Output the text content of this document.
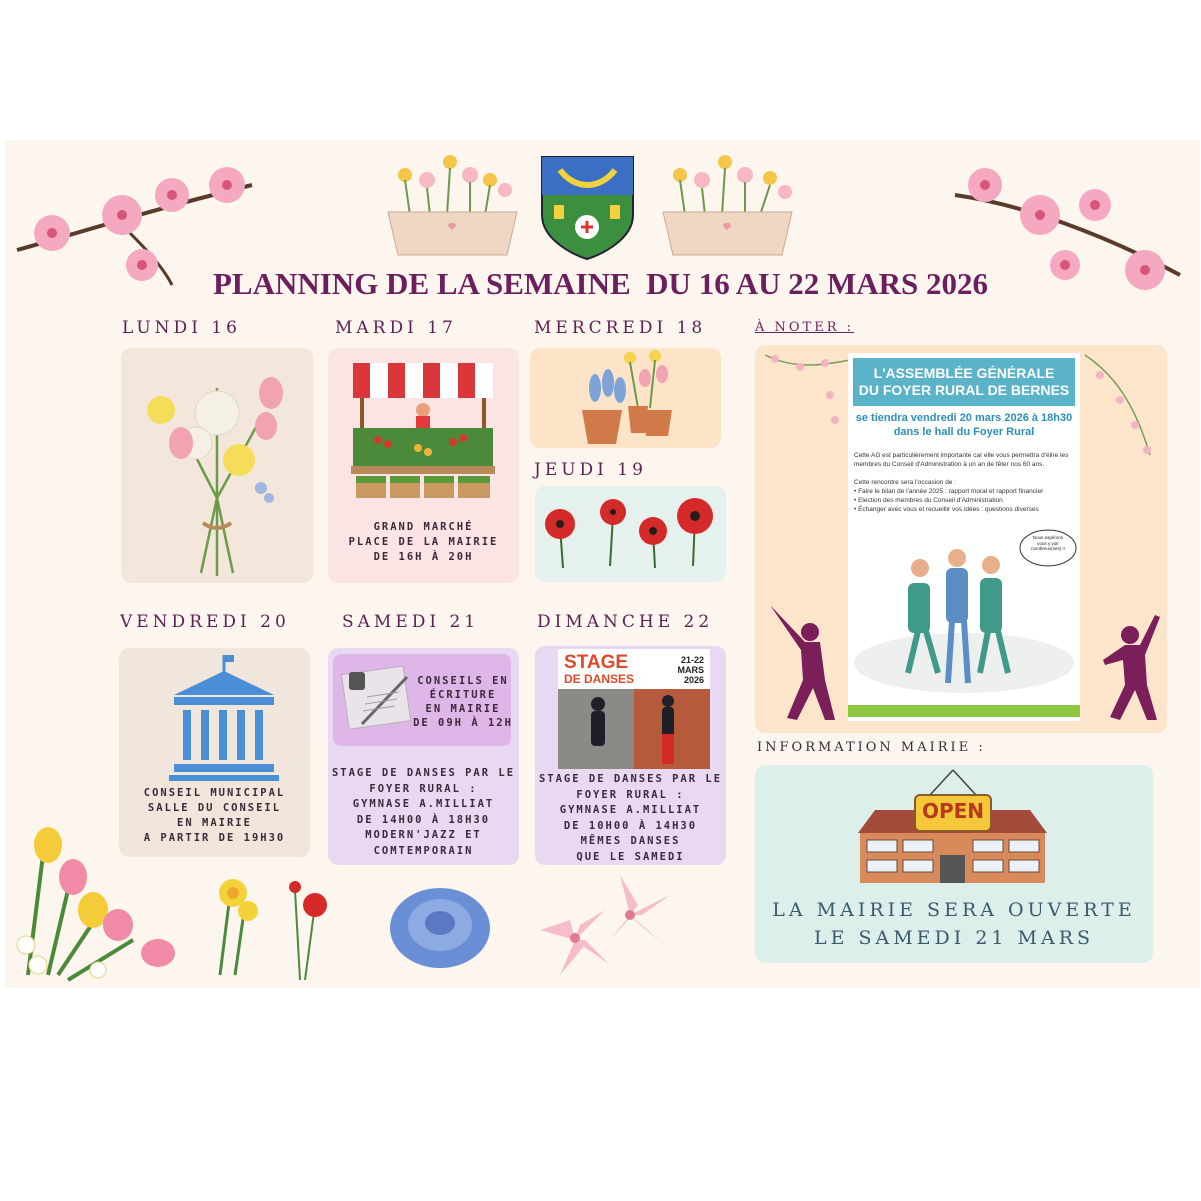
PLANNING DE LA SEMAINE  DU 16 AU 22 MARS 2026
LUNDI 16	MARDI 17	MERCREDI 18	À NOTER :
GRAND MARCHÉ
PLACE DE LA MAIRIE
DE 16H À 20H
JEUDI 19
L'ASSEMBLÉE GÉNÉRALE
DU FOYER RURAL DE BERNES
se tiendra vendredi 20 mars 2026 à 18h30
dans le hall du Foyer Rural
Cette AG est particulièrement importante car elle vous permettra d'élire les
membres du Conseil d'Administration à un an de fêter nos 60 ans.

Cette rencontre sera l'occasion de :
• Faire le bilan de l'année 2025 : rapport moral et rapport financier
• Election des membres du Conseil d'Administration
• Échanger avec vous et recueillir vos idées : questions diverses
Nous espérons
vous y voir
nombreux(ses) !!
VENDREDI 20	SAMEDI 21	DIMANCHE 22
CONSEIL MUNICIPAL
SALLE DU CONSEIL
EN MAIRIE
A PARTIR DE 19H30
CONSEILS EN
ÉCRITURE
EN MAIRIE
DE 09H À 12H
STAGE DE DANSES PAR LE
FOYER RURAL :
GYMNASE A.MILLIAT
DE 14H00 À 18H30
MODERN'JAZZ ET
COMTEMPORAIN
STAGE
DE DANSES
21-22
MARS
2026
STAGE DE DANSES PAR LE
FOYER RURAL :
GYMNASE A.MILLIAT
DE 10H00 À 14H30
MÊMES DANSES
QUE LE SAMEDI
INFORMATION MAIRIE :
OPEN
LA MAIRIE SERA OUVERTE
LE SAMEDI 21 MARS
